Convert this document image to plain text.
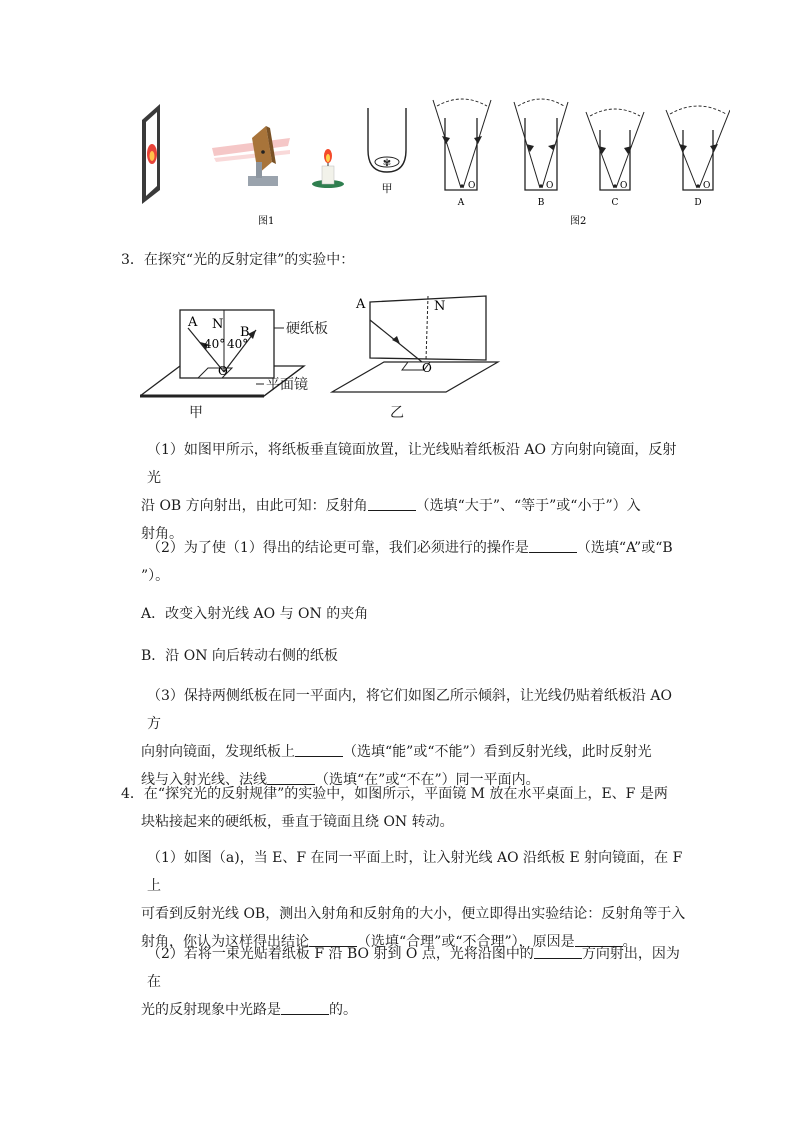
✾
甲	O	O	O	O
A	B	C	D
图1	图2
3．在探究“光的反射定律”的实验中：
A N
B
40° 40°
O
硬纸板
平面镜
甲
A	N
O
乙
（1）如图甲所示，将纸板垂直镜面放置，让光线贴着纸板沿 AO 方向射向镜面，反射光
沿 OB 方向射出，由此可知：反射角	（选填“大于”、“等于”或“小于”）入
射角。
（2）为了使（1）得出的结论更可靠，我们必须进行的操作是	（选填“A”或“B
”）。
A．改变入射光线 AO 与 ON 的夹角
B．沿 ON 向后转动右侧的纸板
（3）保持两侧纸板在同一平面内，将它们如图乙所示倾斜，让光线仍贴着纸板沿 AO 方
向射向镜面，发现纸板上	（选填“能”或“不能”）看到反射光线，此时反射光
线与入射光线、法线	（选填“在”或“不在”）同一平面内。
4．在“探究光的反射规律”的实验中，如图所示，平面镜 M 放在水平桌面上，E、F 是两
块粘接起来的硬纸板，垂直于镜面且绕 ON 转动。
（1）如图（a)，当 E、F 在同一平面上时，让入射光线 AO 沿纸板 E 射向镜面，在 F 上
可看到反射光线 OB，测出入射角和反射角的大小，便立即得出实验结论：反射角等于入
射角，你认为这样得出结论	（选填“合理”或“不合理”），原因是	。
（2）若将一束光贴着纸板 F 沿 BO 射到 O 点，光将沿图中的	方向射出，因为在
光的反射现象中光路是	的。
